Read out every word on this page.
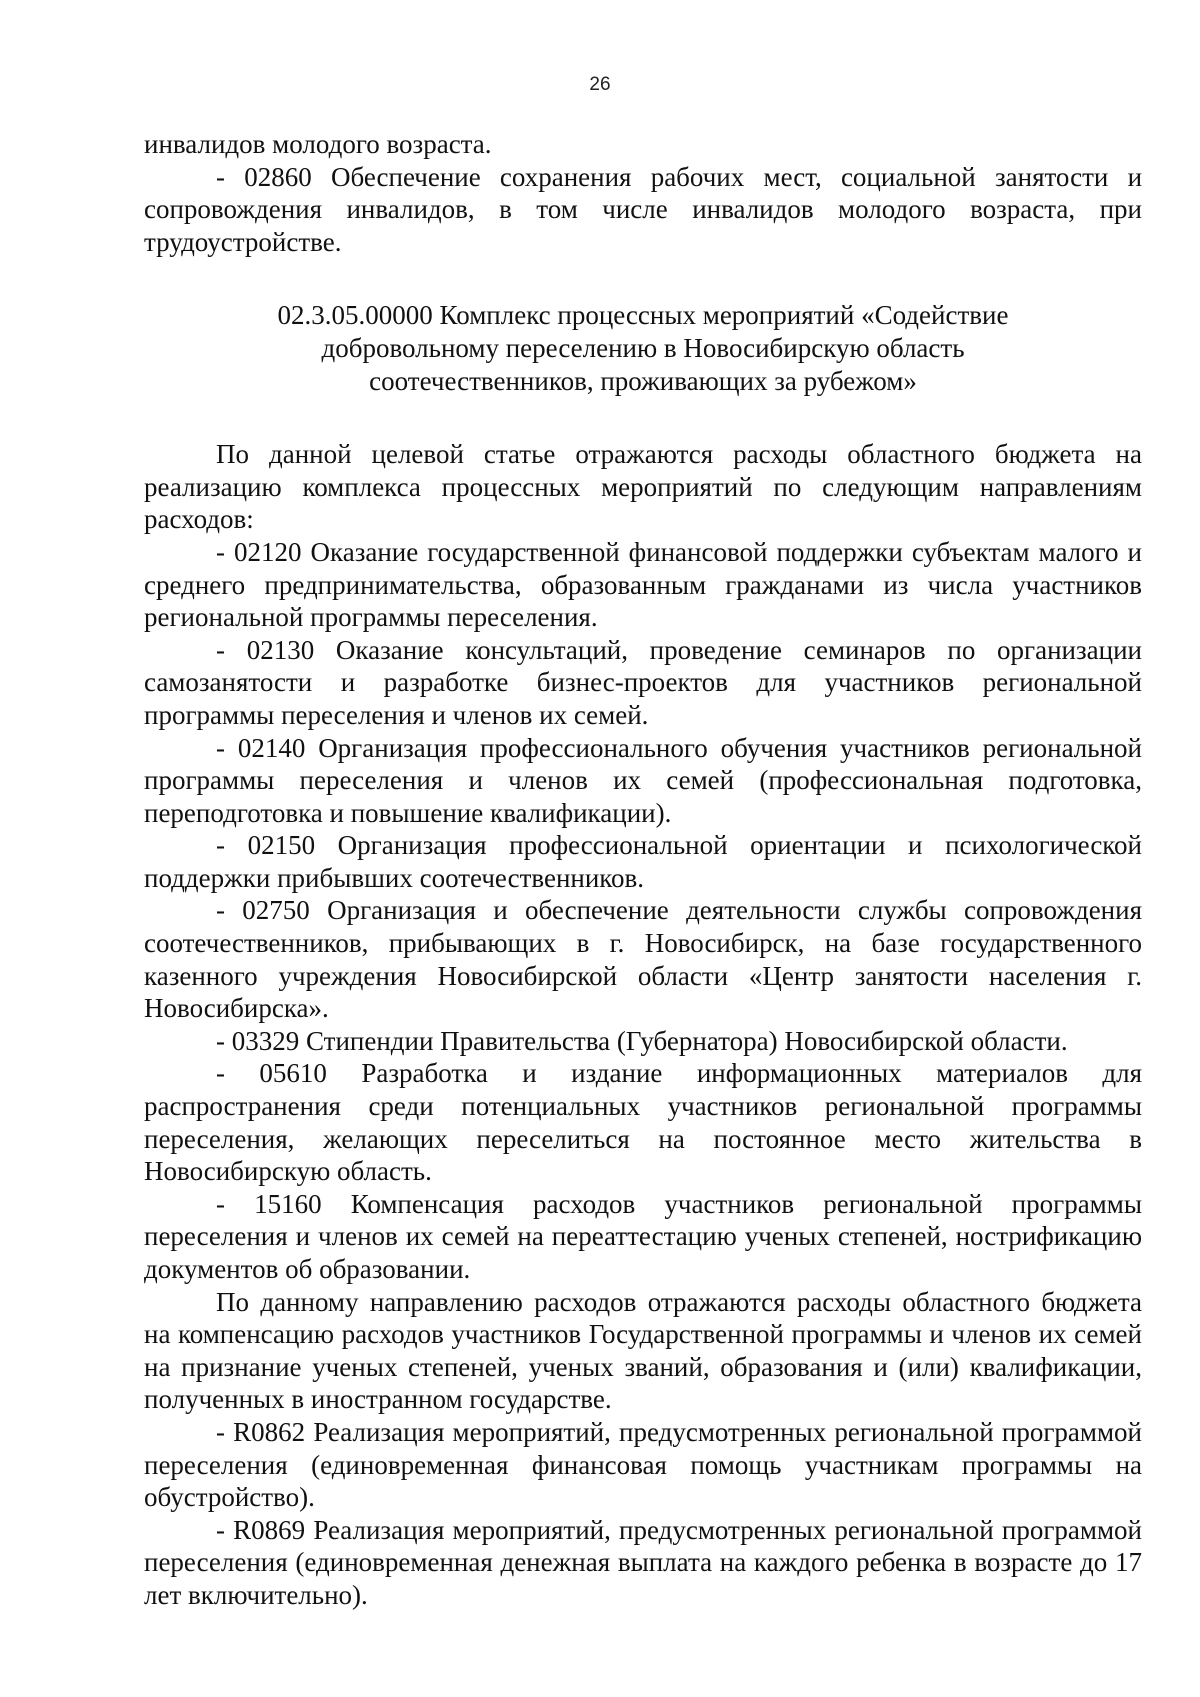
26

инвалидов молодого возраста.

- 02860 Обеспечение сохранения рабочих мест, социальной занятости и сопровождения инвалидов, в том числе инвалидов молодого возраста, при трудоустройстве.

02.3.05.00000 Комплекс процессных мероприятий «Содействие добровольному переселению в Новосибирскую область соотечественников, проживающих за рубежом»

По данной целевой статье отражаются расходы областного бюджета на реализацию комплекса процессных мероприятий по следующим направлениям расходов:

- 02120 Оказание государственной финансовой поддержки субъектам малого и среднего предпринимательства, образованным гражданами из числа участников региональной программы переселения.

- 02130 Оказание консультаций, проведение семинаров по организации самозанятости и разработке бизнес-проектов для участников региональной программы переселения и членов их семей.

- 02140 Организация профессионального обучения участников региональной программы переселения и членов их семей (профессиональная подготовка, переподготовка и повышение квалификации).

- 02150 Организация профессиональной ориентации и психологической поддержки прибывших соотечественников.

- 02750 Организация и обеспечение деятельности службы сопровождения соотечественников, прибывающих в г. Новосибирск, на базе государственного казенного учреждения Новосибирской области «Центр занятости населения г. Новосибирска».

- 03329 Стипендии Правительства (Губернатора) Новосибирской области.

- 05610 Разработка и издание информационных материалов для распространения среди потенциальных участников региональной программы переселения, желающих переселиться на постоянное место жительства в Новосибирскую область.

- 15160 Компенсация расходов участников региональной программы переселения и членов их семей на переаттестацию ученых степеней, нострификацию документов об образовании.

По данному направлению расходов отражаются расходы областного бюджета на компенсацию расходов участников Государственной программы и членов их семей на признание ученых степеней, ученых званий, образования и (или) квалификации, полученных в иностранном государстве.

- R0862 Реализация мероприятий, предусмотренных региональной программой переселения (единовременная финансовая помощь участникам программы на обустройство).

- R0869 Реализация мероприятий, предусмотренных региональной программой переселения (единовременная денежная выплата на каждого ребенка в возрасте до 17 лет включительно).
